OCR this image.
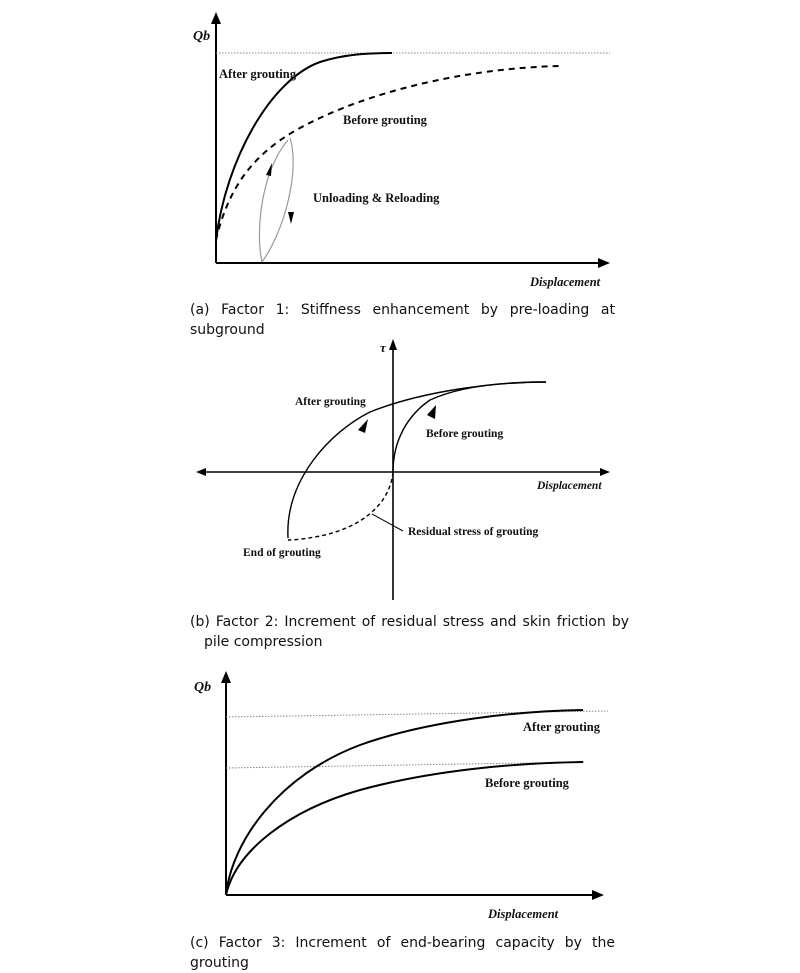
Qb
After grouting
Before grouting
Unloading & Reloading
Displacement
τ
After grouting
Before grouting
Displacement
Residual stress of grouting
End of grouting
Qb
After grouting
Before grouting
Displacement
(a) Factor 1: Stiffness enhancement by pre-loading at subground
(b) Factor 2: Increment of residual stress and skin friction by pile compression
(c) Factor 3: Increment of end-bearing capacity by the grouting
